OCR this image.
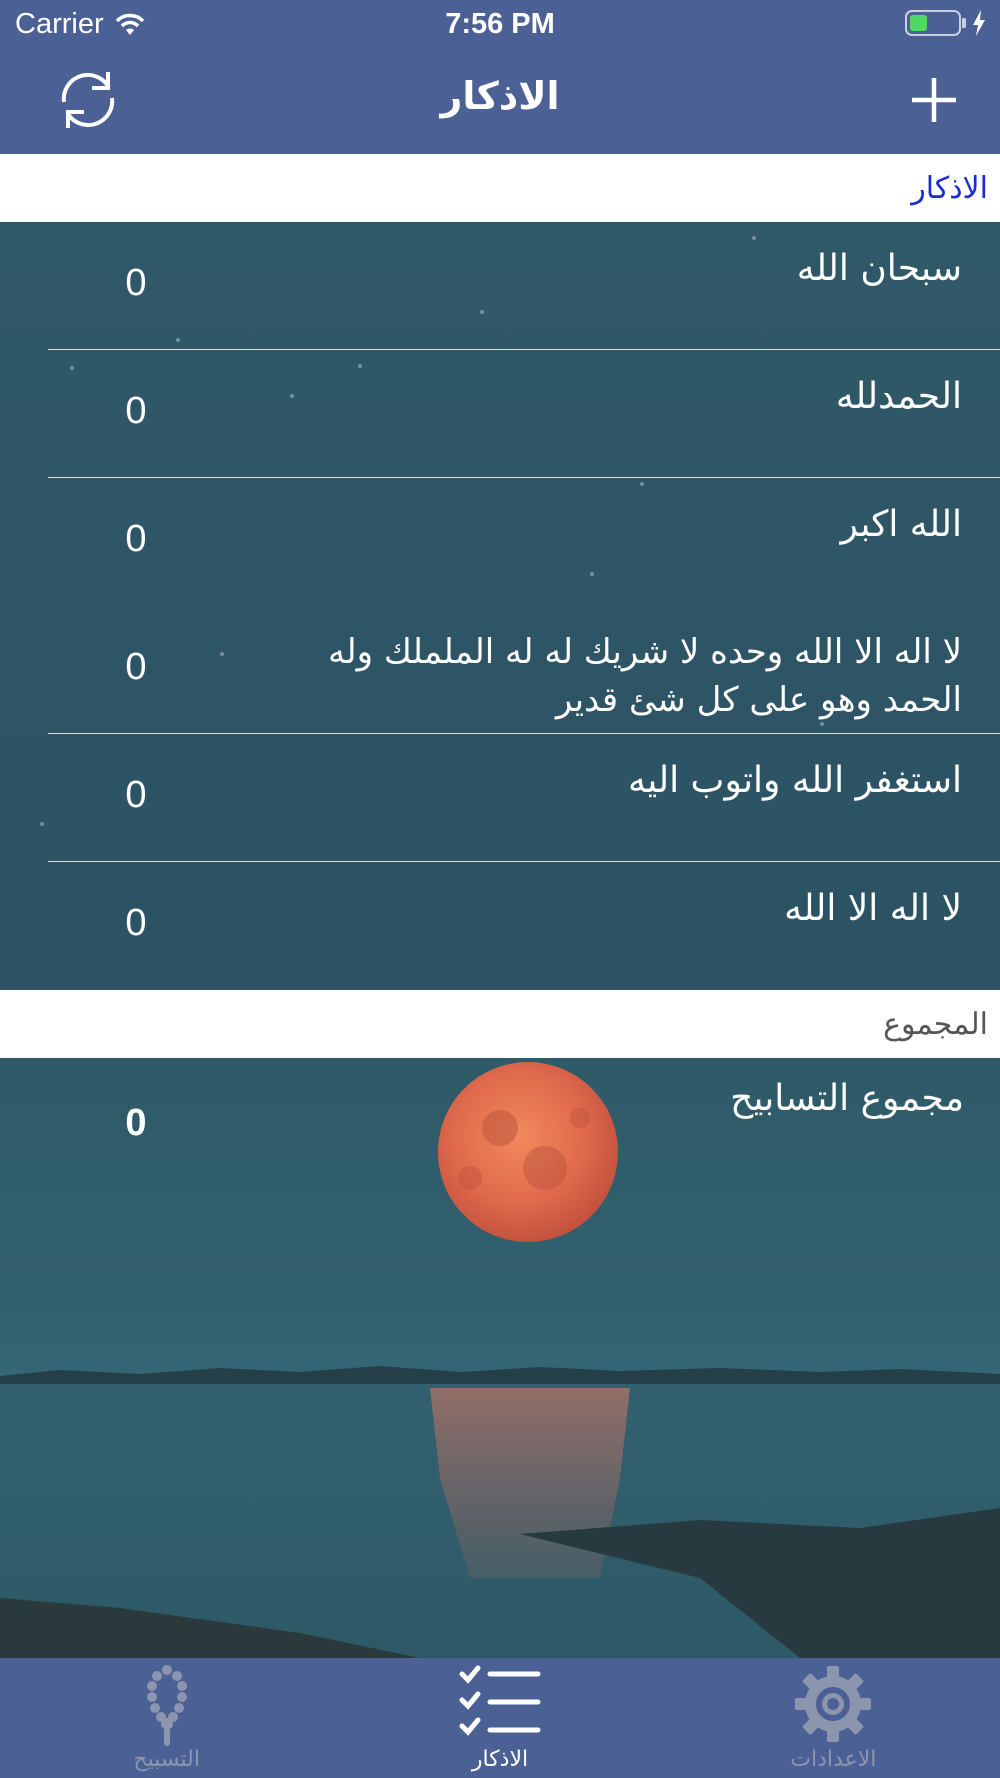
Carrier	7:56 PM
الاذكار
الاذكار
سبحان الله
0
الحمدلله
0
الله اكبر
0
لا اله الا الله وحده لا شريك له له الململك وله الحمد وهو على كل شئ قدير
0
استغفر الله واتوب اليه
0
لا اله الا الله
0
المجموع
مجموع التسابيح
0
التسبيح	الاذكار	الاعدادات
